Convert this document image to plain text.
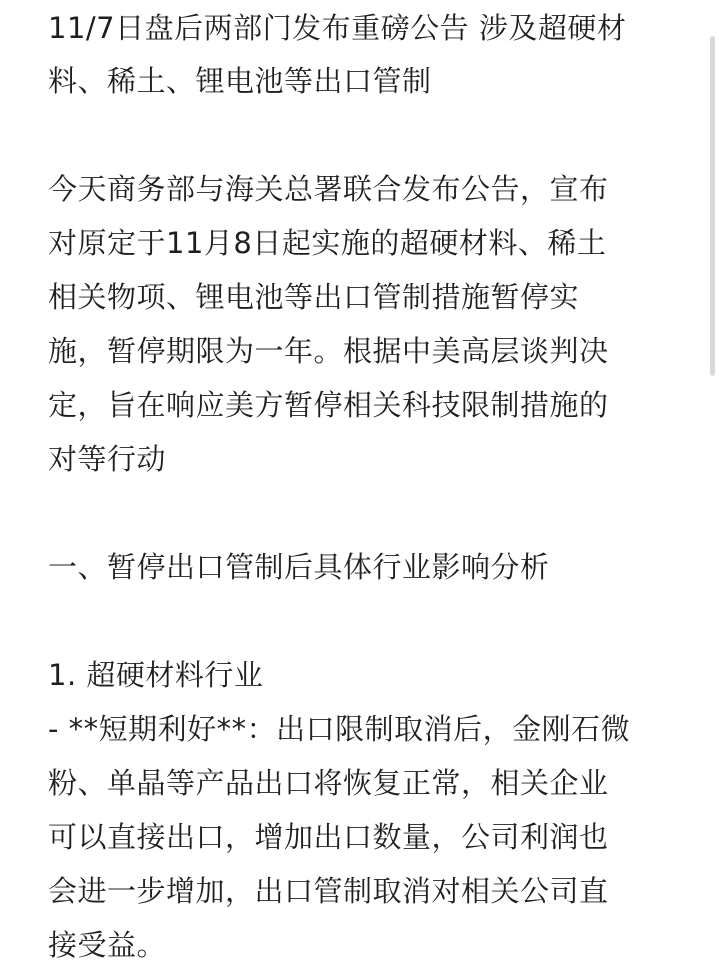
11/7日盘后两部门发布重磅公告 涉及超硬材
料、稀土、锂电池等出口管制
今天商务部与海关总署联合发布公告，宣布
对原定于11月8日起实施的超硬材料、稀土
相关物项、锂电池等出口管制措施暂停实
施，暂停期限为一年。根据中美高层谈判决
定，旨在响应美方暂停相关科技限制措施的
对等行动
一、暂停出口管制后具体行业影响分析
1. 超硬材料行业
- **短期利好**：出口限制取消后，金刚石微
粉、单晶等产品出口将恢复正常，相关企业
可以直接出口，增加出口数量，公司利润也
会进一步增加，出口管制取消对相关公司直
接受益。
